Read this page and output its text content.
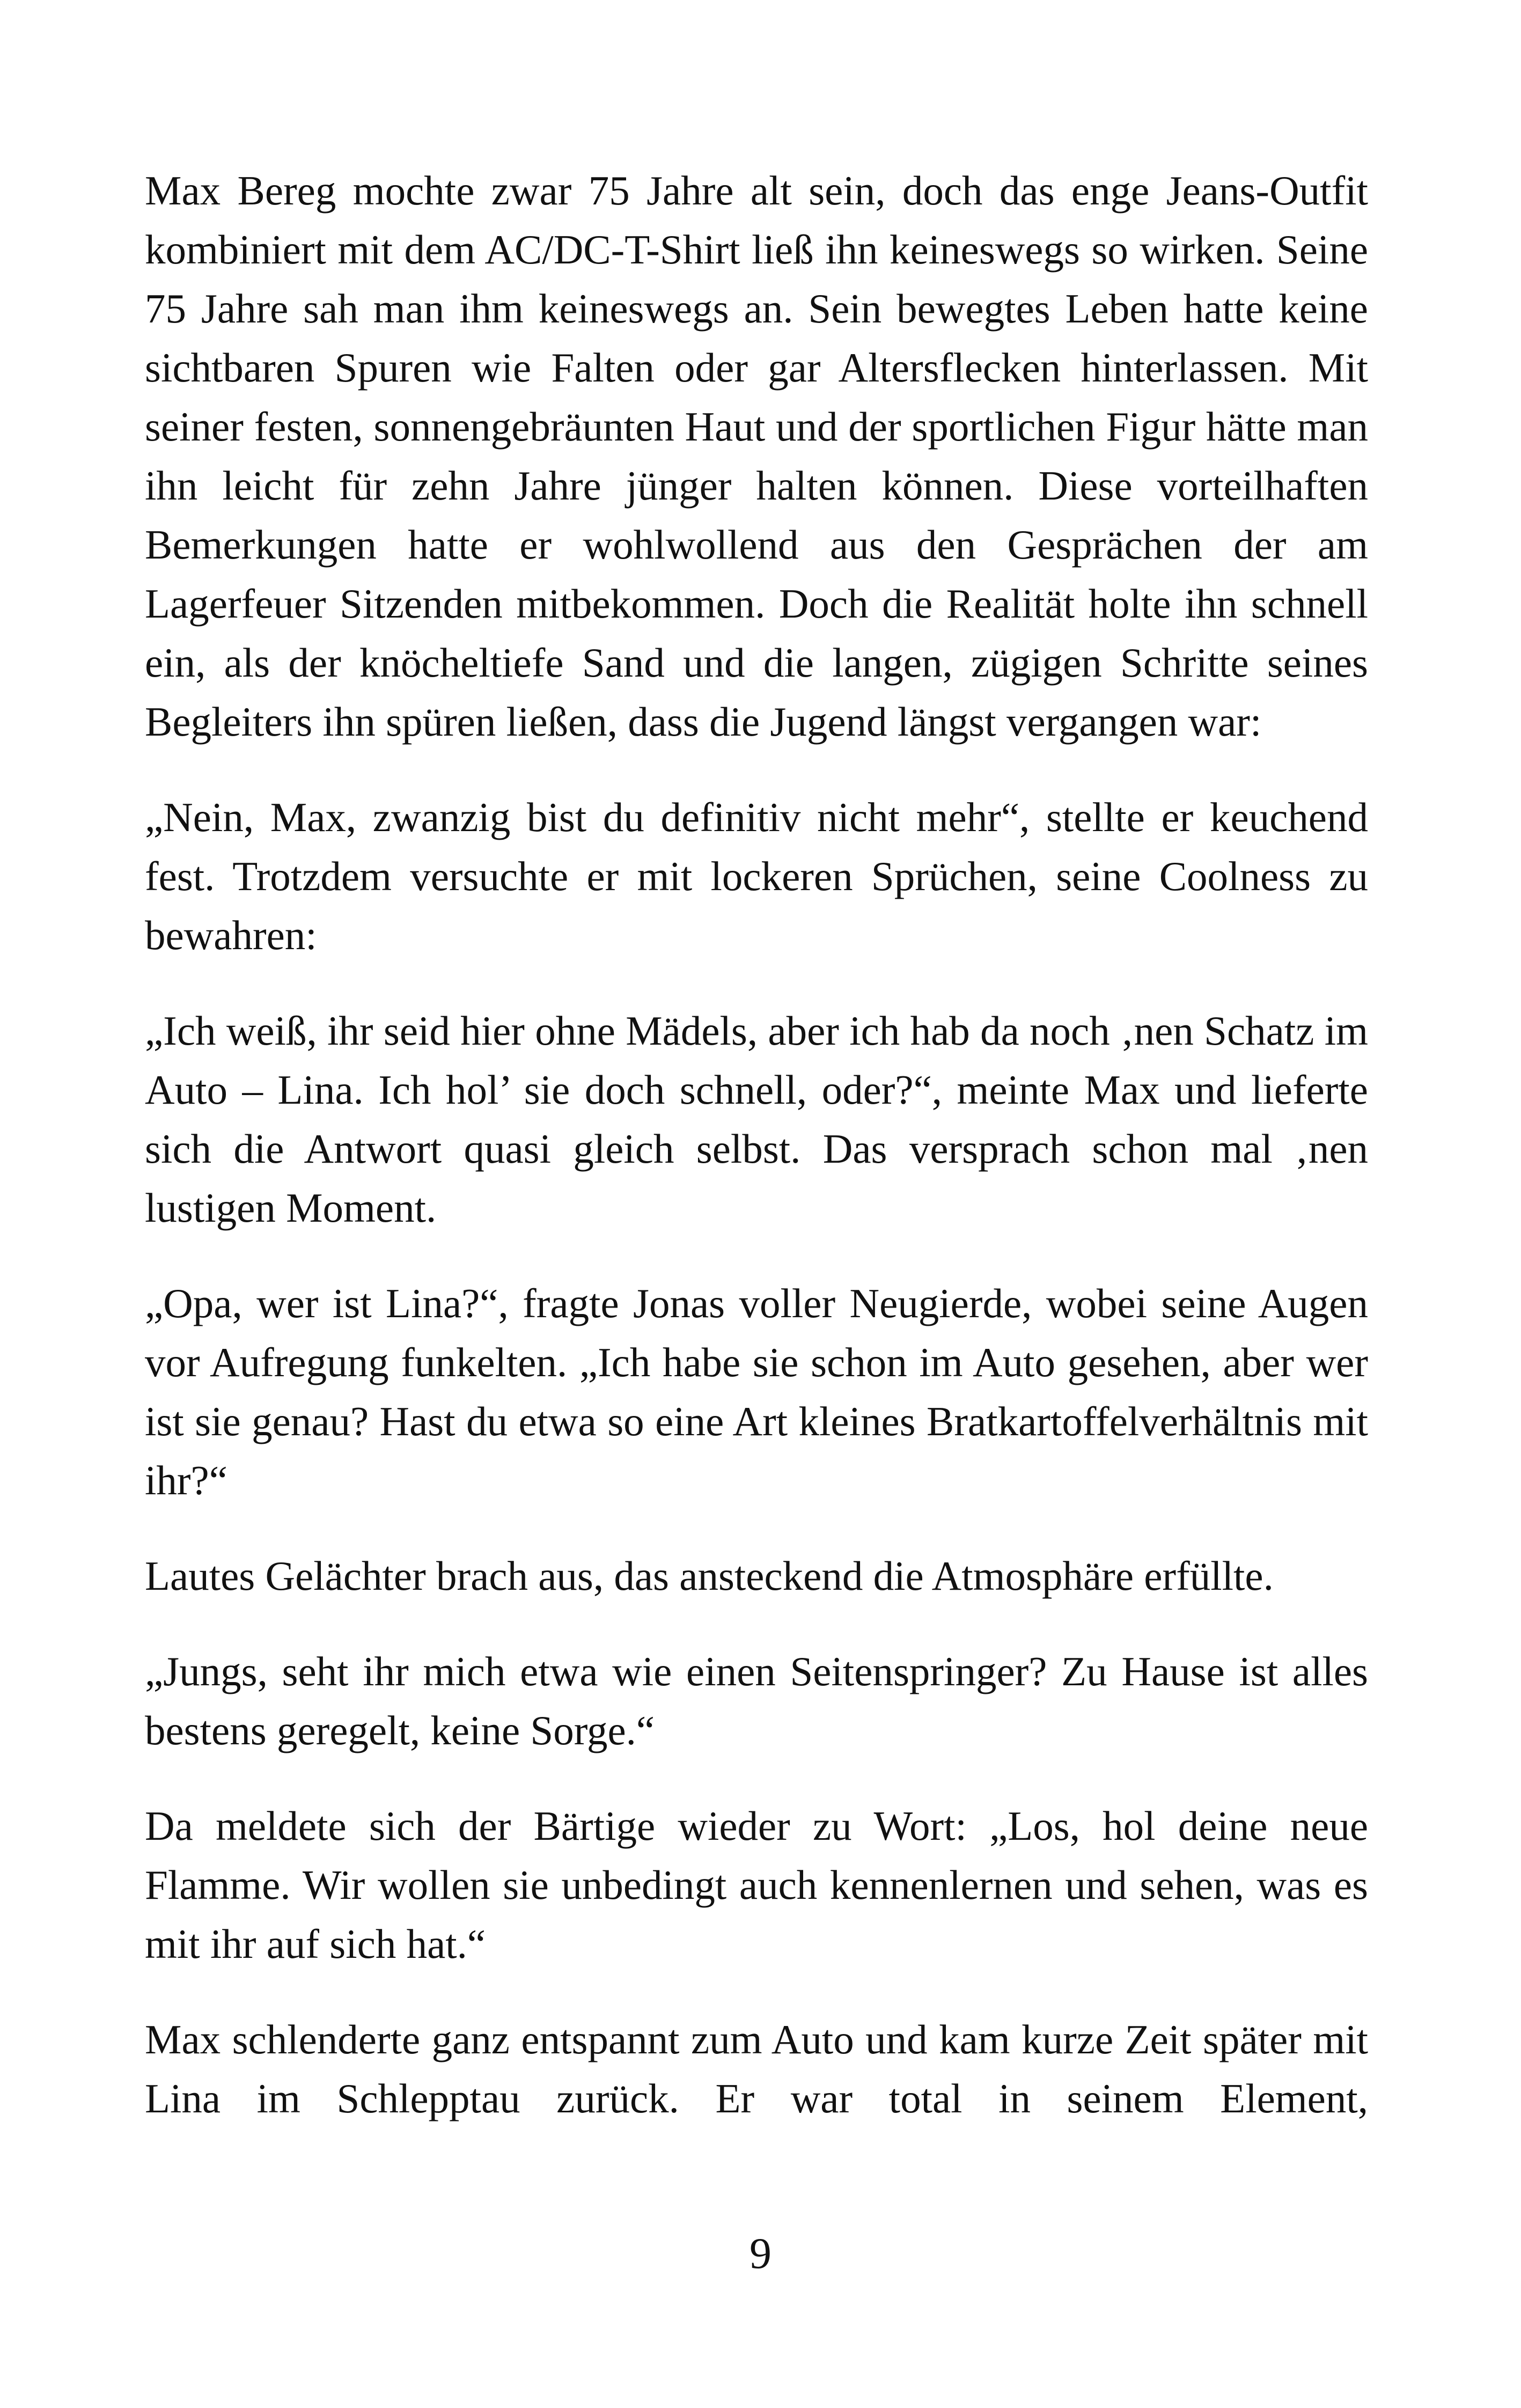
Max Bereg mochte zwar 75 Jahre alt sein, doch das enge Jeans-Outfit kombiniert mit dem AC/DC-T-Shirt ließ ihn keineswegs so wirken. Seine 75 Jahre sah man ihm keineswegs an. Sein bewegtes Leben hatte keine sichtbaren Spuren wie Falten oder gar Altersflecken hinterlassen. Mit seiner festen, sonnengebräunten Haut und der sportlichen Figur hätte man ihn leicht für zehn Jahre jünger halten können. Diese vorteilhaften Bemerkungen hatte er wohlwollend aus den Gesprächen der am Lagerfeuer Sitzenden mitbekommen. Doch die Realität holte ihn schnell ein, als der knöcheltiefe Sand und die langen, zügigen Schritte seines Begleiters ihn spüren ließen, dass die Jugend längst vergangen war:

„Nein, Max, zwanzig bist du definitiv nicht mehr“, stellte er keuchend fest. Trotzdem versuchte er mit lockeren Sprüchen, seine Coolness zu bewahren:

„Ich weiß, ihr seid hier ohne Mädels, aber ich hab da noch ‚nen Schatz im Auto – Lina. Ich hol’ sie doch schnell, oder?“, meinte Max und lieferte sich die Antwort quasi gleich selbst. Das versprach schon mal ‚nen lustigen Moment.

„Opa, wer ist Lina?“, fragte Jonas voller Neugierde, wobei seine Augen vor Aufregung funkelten. „Ich habe sie schon im Auto gesehen, aber wer ist sie genau? Hast du etwa so eine Art kleines Bratkartoffelverhältnis mit ihr?“

Lautes Gelächter brach aus, das ansteckend die Atmosphäre erfüllte.

„Jungs, seht ihr mich etwa wie einen Seitenspringer? Zu Hause ist alles bestens geregelt, keine Sorge.“

Da meldete sich der Bärtige wieder zu Wort: „Los, hol deine neue Flamme. Wir wollen sie unbedingt auch kennenlernen und sehen, was es mit ihr auf sich hat.“

Max schlenderte ganz entspannt zum Auto und kam kurze Zeit später mit Lina im Schlepptau zurück. Er war total in seinem Element,

9
